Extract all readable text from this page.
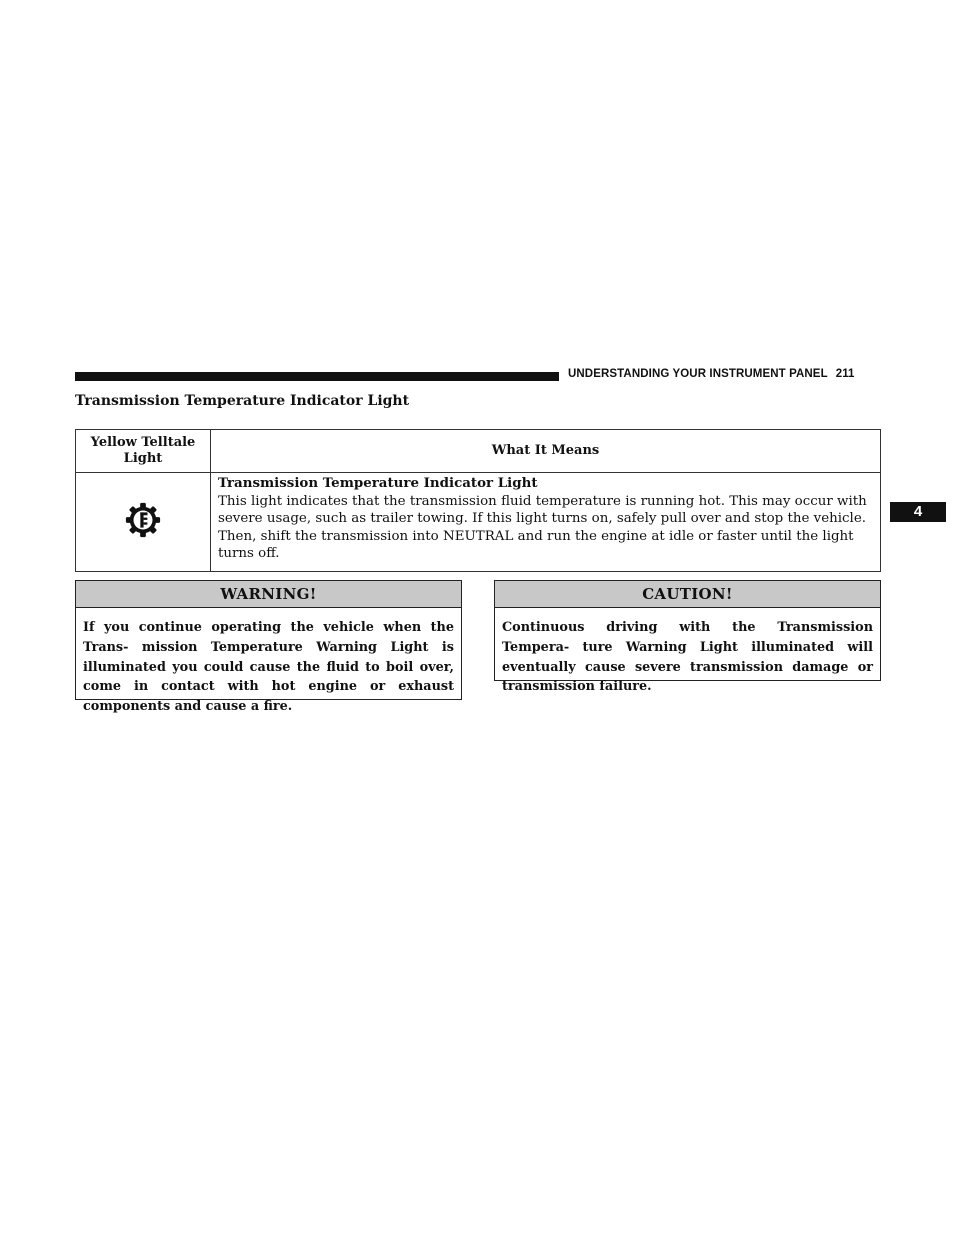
UNDERSTANDING YOUR INSTRUMENT PANEL 211
4
Transmission Temperature Indicator Light
Yellow Telltale Light	What It Means

Transmission Temperature Indicator Light
This light indicates that the transmission fluid temperature is running hot. This may occur with severe usage, such as trailer towing. If this light turns on, safely pull over and stop the vehicle. Then, shift the transmission into NEUTRAL and run the engine at idle or faster until the light turns off.
WARNING!
If you continue operating the vehicle when the Trans- mission Temperature Warning Light is illuminated you could cause the fluid to boil over, come in contact with hot engine or exhaust components and cause a fire.
CAUTION!
Continuous driving with the Transmission Tempera- ture Warning Light illuminated will eventually cause severe transmission damage or transmission failure.
